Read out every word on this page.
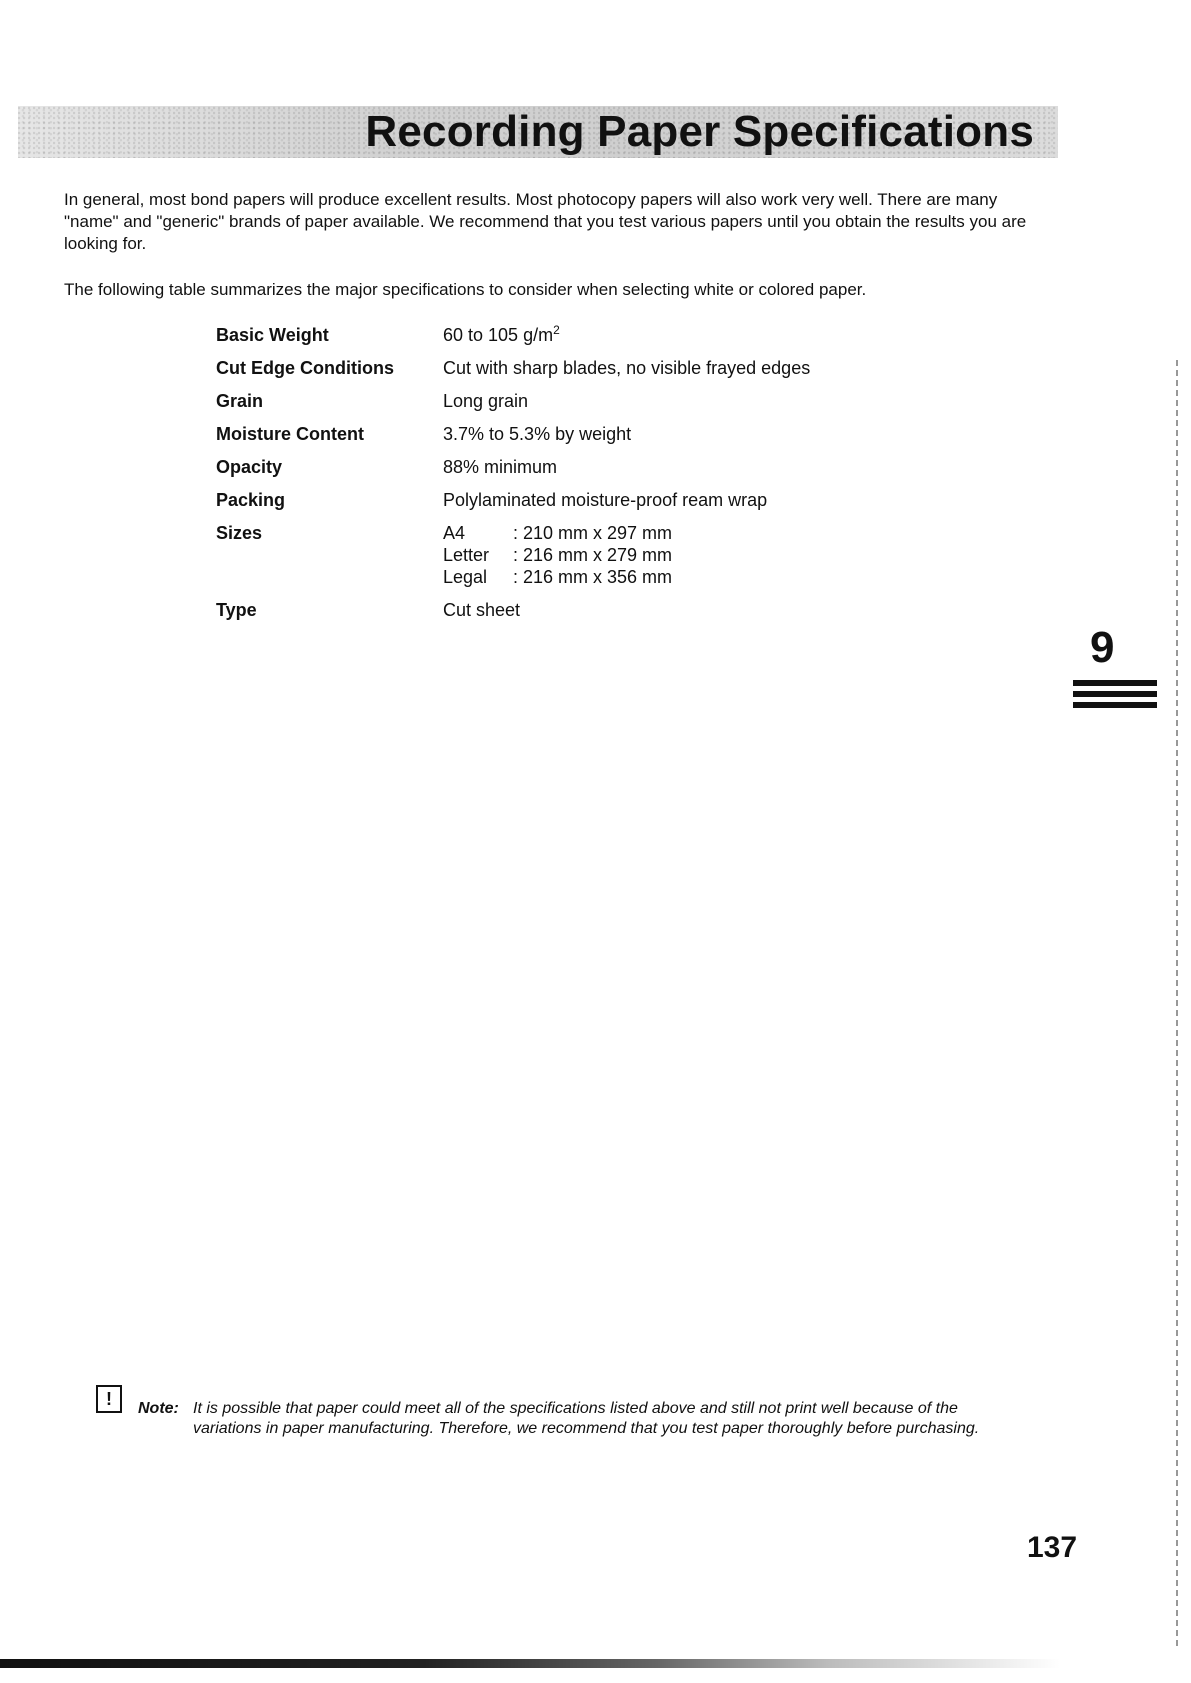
Recording Paper Specifications

In general, most bond papers will produce excellent results. Most photocopy papers will also work very well. There are many "name" and "generic" brands of paper available. We recommend that you test various papers until you obtain the results you are looking for.

The following table summarizes the major specifications to consider when selecting white or colored paper.

Basic Weight	60 to 105 $g/m^2$
Cut Edge Conditions	Cut with sharp blades, no visible frayed edges
Grain	Long grain
Moisture Content	3.7% to 5.3% by weight
Opacity	88% minimum
Packing	Polylaminated moisture-proof ream wrap
Sizes	A4	: 210 mm x 297 mm
Letter	: 216 mm x 279 mm
Legal	: 216 mm x 356 mm
Type	Cut sheet
9
!	Note: It is possible that paper could meet all of the specifications listed above and still not print well because of the variations in paper manufacturing. Therefore, we recommend that you test paper thoroughly before purchasing.

137
